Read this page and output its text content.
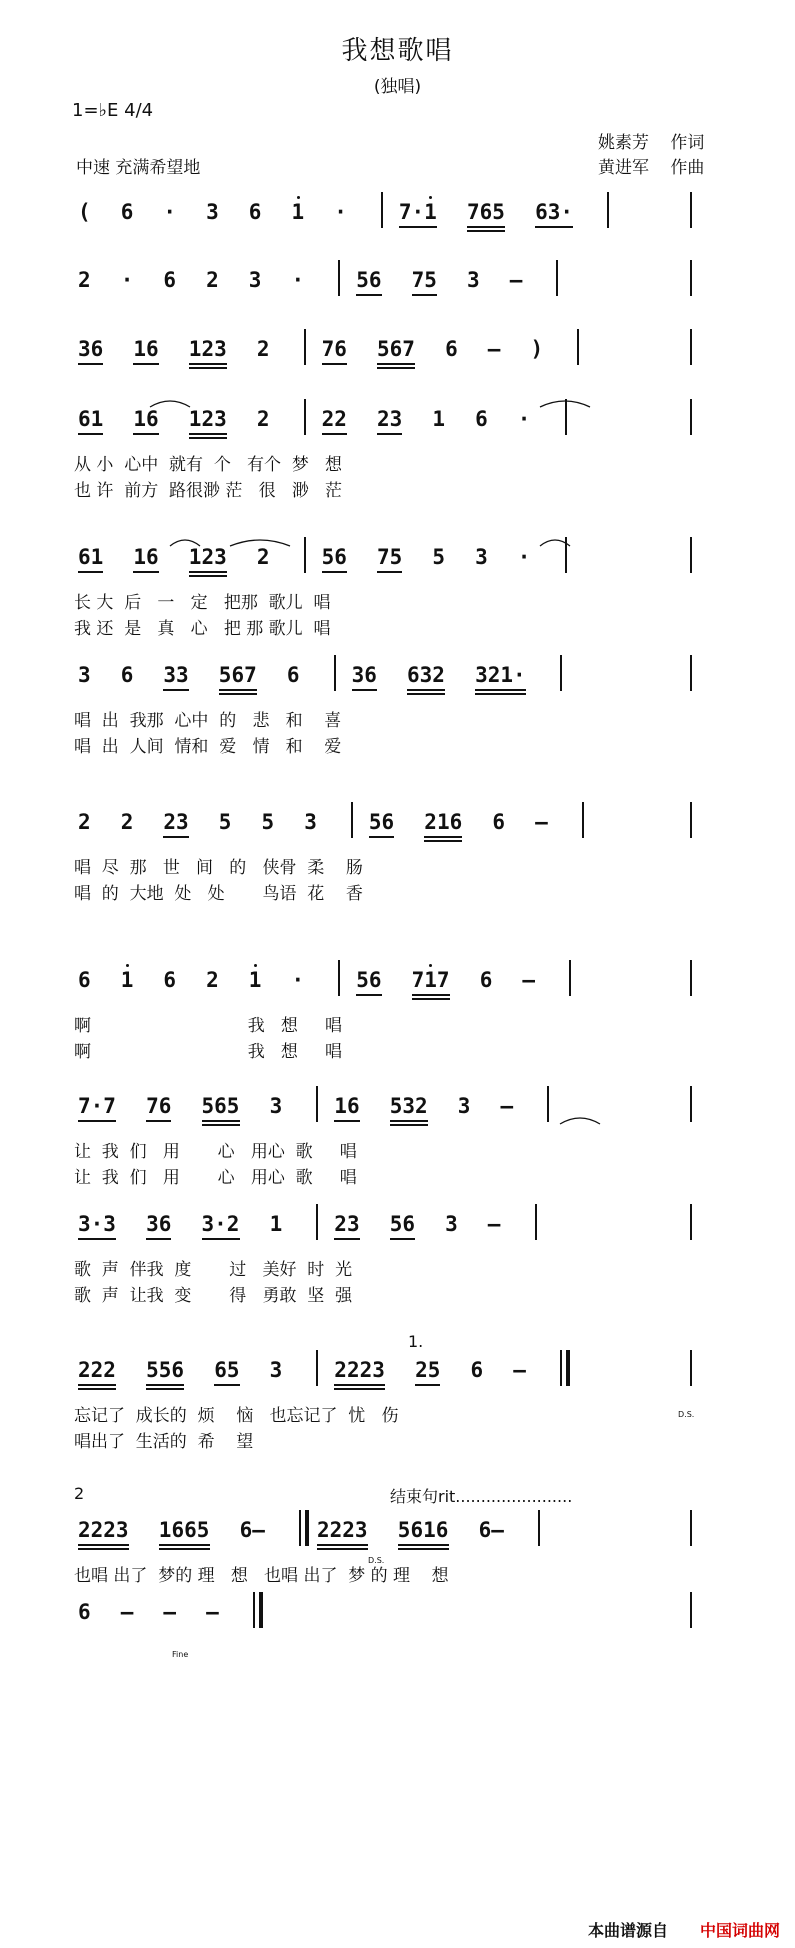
我想歌唱
(独唱)
1=♭E 4/4
中速 充满希望地
姚素芳 作词
黄进军 作曲
( 6 · 3 6 1 · 7·1 765 63·
2 · 6 2 3 · 56 75 3 —
36 16 123 2 76 567 6 — )
61 16 123 2 22 23 1 6 ·
从 小  心中  就有  个   有个  梦   想
也 许  前方  路很渺 茫   很   渺   茫
61 16 123 2 56 75 5 3 ·
长 大  后   一   定   把那  歌儿  唱
我 还  是   真   心   把 那 歌儿  唱
3 6 33 567 6 36 632 321·
唱  出  我那  心中  的   悲   和    喜
唱  出  人间  情和  爱   情   和    爱
2 2 23 5 5 3 56 216 6 —
唱  尽  那   世   间   的   侠骨  柔    肠
唱  的  大地  处   处       鸟语  花    香
6 1 6 2 1 · 56 717 6 —
啊                             我   想     唱
啊                             我   想     唱
7·7 76 565 3 16 532 3 —
让  我  们   用       心   用心  歌     唱
让  我  们   用       心   用心  歌     唱
3·3 36 3·2 1 23 56 3 —
歌  声  伴我  度       过   美好  时  光
歌  声  让我  变       得   勇敢  坚  强
222 556 65 3 2223 25 6 —
忘记了  成长的  烦    恼   也忘记了  忧   伤
唱出了  生活的  希    望
2223 1665 6— 2223 5616 6—
也唱 出了  梦的 理   想   也唱 出了  梦 的 理    想
6 — — —
1.
2	结束句rit.......................
D.S.
D.S.
Fine
本曲谱源自 中国词曲网
